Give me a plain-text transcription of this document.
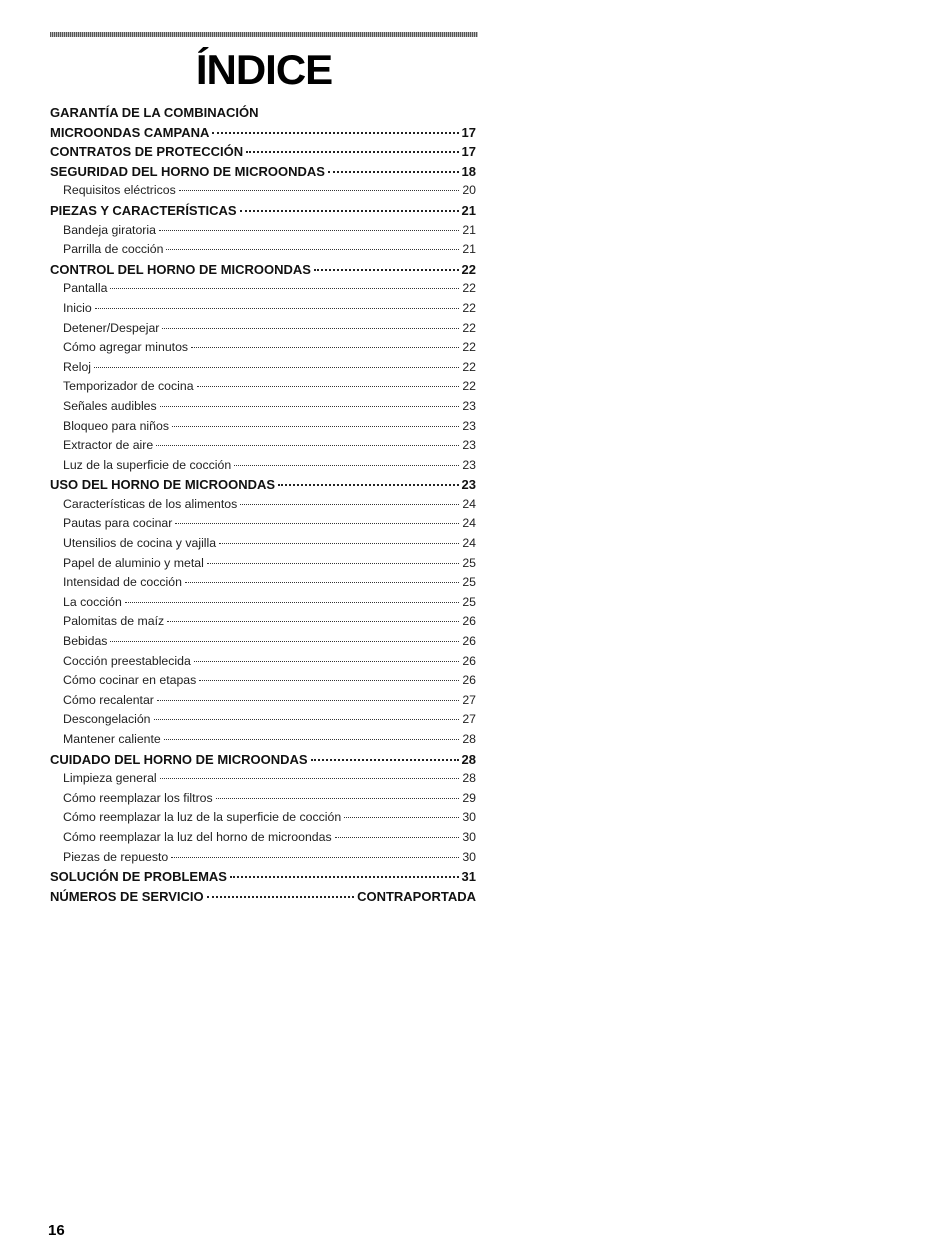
ÍNDICE
GARANTÍA DE LA COMBINACIÓN
MICROONDAS CAMPANA	17
CONTRATOS DE PROTECCIÓN	17
SEGURIDAD DEL HORNO DE MICROONDAS	18
Requisitos eléctricos	20
PIEZAS Y CARACTERÍSTICAS	21
Bandeja giratoria	21
Parrilla de cocción	21
CONTROL DEL HORNO DE MICROONDAS	22
Pantalla	22
Inicio	22
Detener/Despejar	22
Cómo agregar minutos	22
Reloj	22
Temporizador de cocina	22
Señales audibles	23
Bloqueo para niños	23
Extractor de aire	23
Luz de la superficie de cocción	23
USO DEL HORNO DE MICROONDAS	23
Características de los alimentos	24
Pautas para cocinar	24
Utensilios de cocina y vajilla	24
Papel de aluminio y metal	25
Intensidad de cocción	25
La cocción	25
Palomitas de maíz	26
Bebidas	26
Cocción preestablecida	26
Cómo cocinar en etapas	26
Cómo recalentar	27
Descongelación	27
Mantener caliente	28
CUIDADO DEL HORNO DE MICROONDAS	28
Limpieza general	28
Cómo reemplazar los filtros	29
Cómo reemplazar la luz de la superficie de cocción	30
Cómo reemplazar la luz del horno de microondas	30
Piezas de repuesto	30
SOLUCIÓN DE PROBLEMAS	31
NÚMEROS DE SERVICIO	CONTRAPORTADA
16
